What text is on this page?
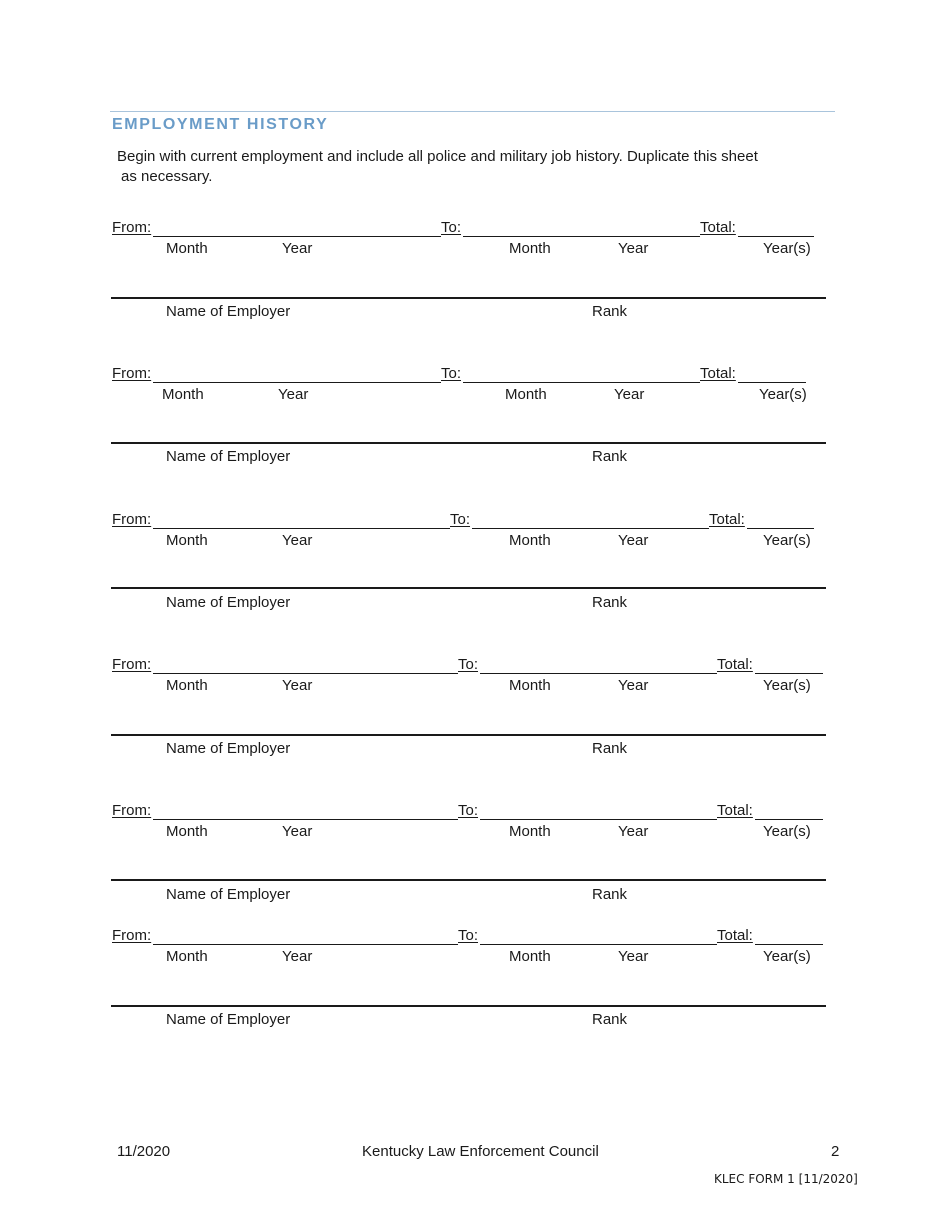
EMPLOYMENT HISTORY
Begin with current employment and include all police and military job history. Duplicate this sheet
as necessary.
From:	To:	Total:
Month	Year	Month	Year	Year(s)
Name of Employer	Rank
From:	To:	Total:
Month	Year	Month	Year	Year(s)
Name of Employer	Rank
From:	To:	Total:
Month	Year	Month	Year	Year(s)
Name of Employer	Rank
From:	To:	Total:
Month	Year	Month	Year	Year(s)
Name of Employer	Rank
From:	To:	Total:
Month	Year	Month	Year	Year(s)
Name of Employer	Rank
From:	To:	Total:
Month	Year	Month	Year	Year(s)
Name of Employer	Rank
11/2020	Kentucky Law Enforcement Council	2
KLEC FORM 1 [11/2020]
